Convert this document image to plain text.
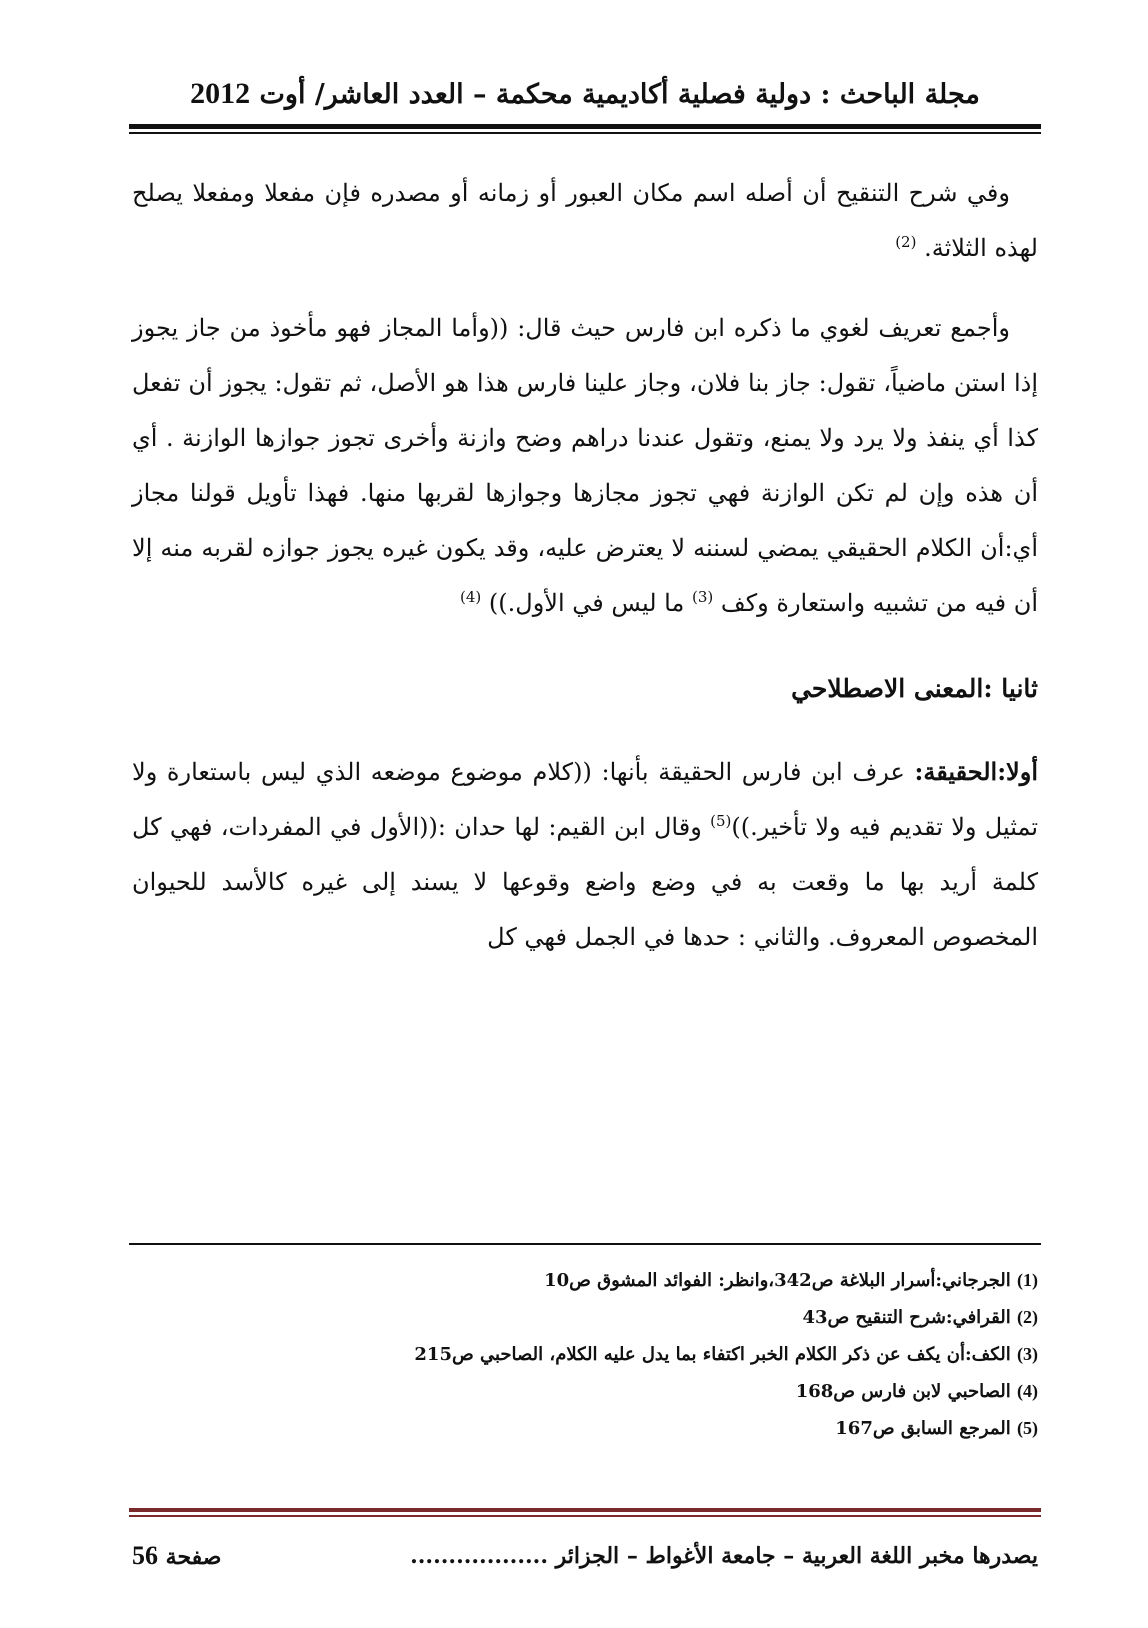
مجلة الباحث : دولية فصلية أكاديمية محكمة – العدد العاشر/ أوت 2012

وفي شرح التنقيح أن أصله اسم مكان العبور أو زمانه أو مصدره فإن مفعلا ومفعلا يصلح لهذه الثلاثة. $^{(2)}$

وأجمع تعريف لغوي ما ذكره ابن فارس حيث قال: ((وأما المجاز فهو مأخوذ من جاز يجوز إذا استن ماضياً، تقول: جاز بنا فلان، وجاز علينا فارس هذا هو الأصل، ثم تقول: يجوز أن تفعل كذا أي ينفذ ولا يرد ولا يمنع، وتقول عندنا دراهم وضح وازنة وأخرى تجوز جوازها الوازنة . أي أن هذه وإن لم تكن الوازنة فهي تجوز مجازها وجوازها لقربها منها. فهذا تأويل قولنا مجاز أي:أن الكلام الحقيقي يمضي لسننه لا يعترض عليه، وقد يكون غيره يجوز جوازه لقربه منه إلا أن فيه من تشبيه واستعارة وكف $^{(3)}$ ما ليس في الأول.)) $^{(4)}$

ثانيا :المعنى الاصطلاحي

أولا:الحقيقة: عرف ابن فارس الحقيقة بأنها: ((كلام موضوع موضعه الذي ليس باستعارة ولا تمثيل ولا تقديم فيه ولا تأخير.))$^{(5)}$ وقال ابن القيم: لها حدان :((الأول في المفردات، فهي كل كلمة أريد بها ما وقعت به في وضع واضع وقوعها لا يسند إلى غيره كالأسد للحيوان المخصوص المعروف. والثاني : حدها في الجمل فهي كل

(1) الجرجاني:أسرار البلاغة ص342،وانظر: الفوائد المشوق ص10
(2) القرافي:شرح التنقيح ص43
(3) الكف:أن يكف عن ذكر الكلام الخبر اكتفاء بما يدل عليه الكلام، الصاحبي ص215
(4) الصاحبي لابن فارس ص168
(5) المرجع السابق ص167
يصدرها مخبر اللغة العربية – جامعة الأغواط – الجزائر ..................
صفحة 56
